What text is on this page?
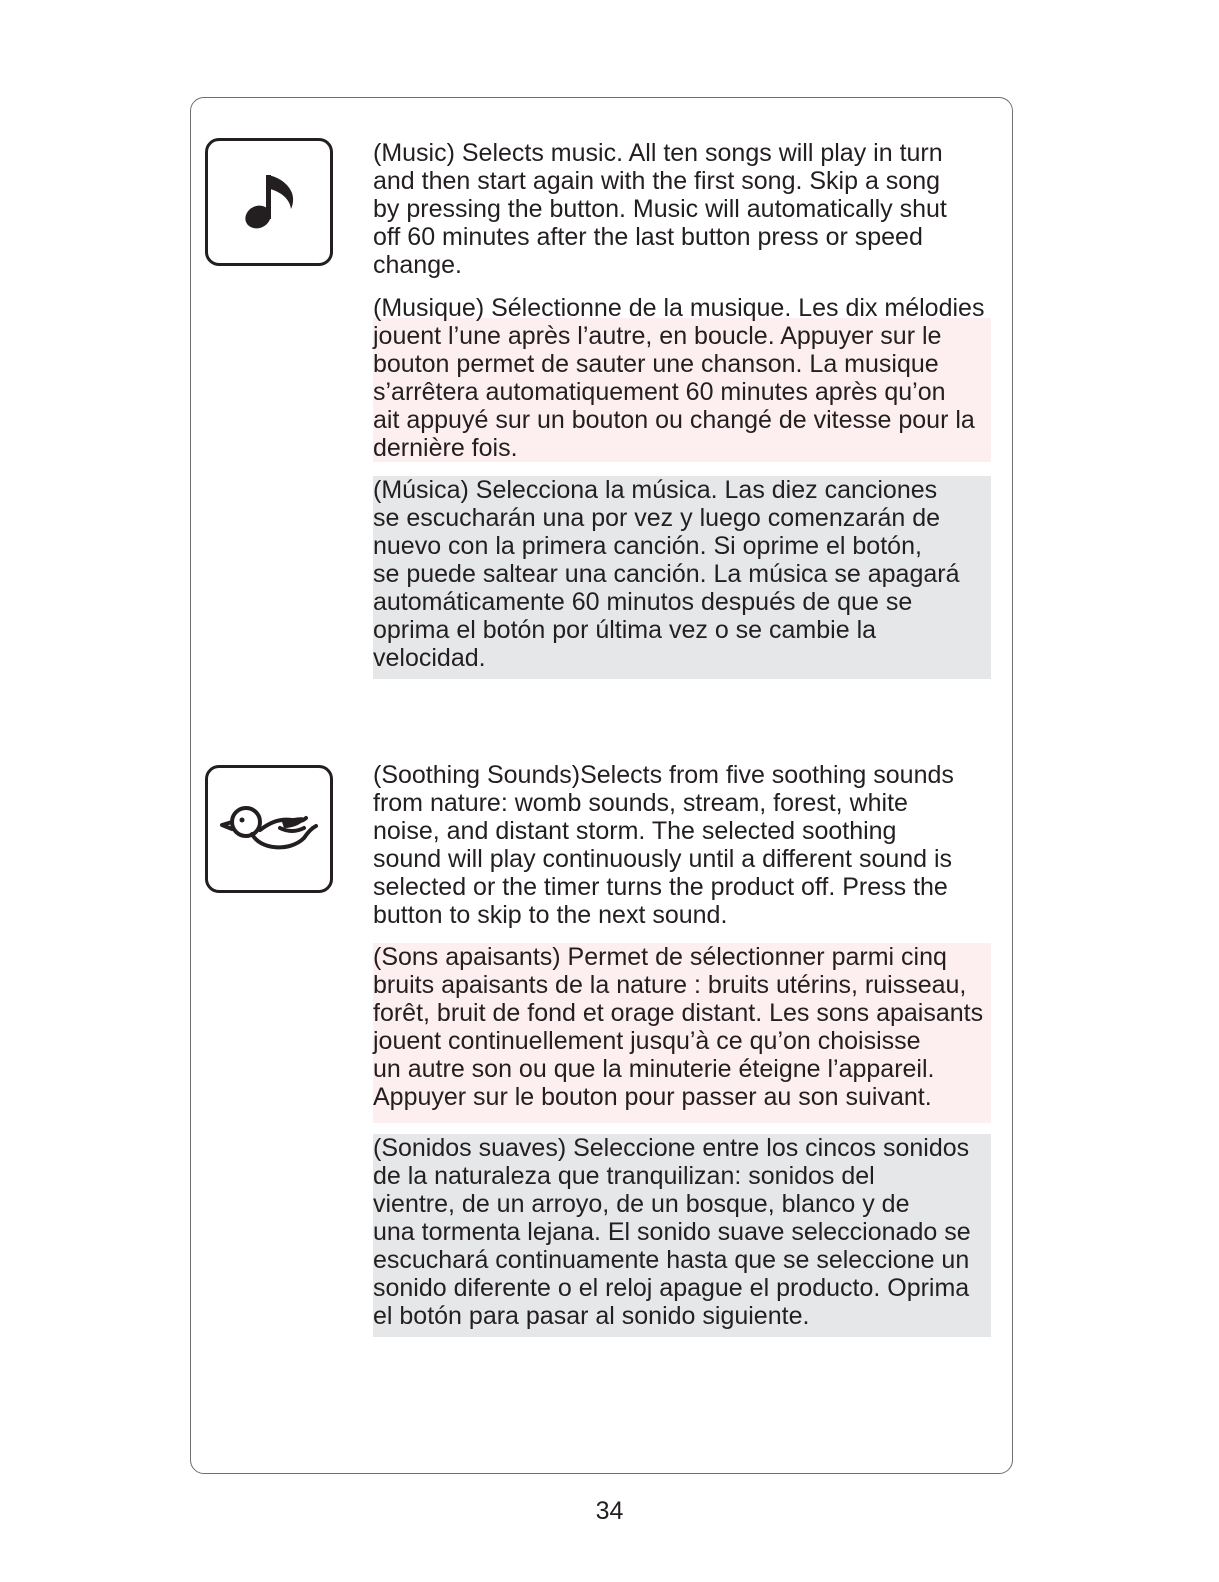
(Music) Selects music. All ten songs will play in turn
and then start again with the first song. Skip a song
by pressing the button. Music will automatically shut
off 60 minutes after the last button press or speed
change.

(Musique) Sélectionne de la musique. Les dix mélodies
jouent l’une après l’autre, en boucle. Appuyer sur le
bouton permet de sauter une chanson. La musique
s’arrêtera automatiquement 60 minutes après qu’on
ait appuyé sur un bouton ou changé de vitesse pour la
dernière fois.

(Música) Selecciona la música. Las diez canciones
se escucharán una por vez y luego comenzarán de
nuevo con la primera canción. Si oprime el botón,
se puede saltear una canción. La música se apagará
automáticamente 60 minutos después de que se
oprima el botón por última vez o se cambie la
velocidad.

(Soothing Sounds)Selects from five soothing sounds
from nature: womb sounds, stream, forest, white
noise, and distant storm. The selected soothing
sound will play continuously until a different sound is
selected or the timer turns the product off. Press the
button to skip to the next sound.

(Sons apaisants) Permet de sélectionner parmi cinq
bruits apaisants de la nature : bruits utérins, ruisseau,
forêt, bruit de fond et orage distant. Les sons apaisants
jouent continuellement jusqu’à ce qu’on choisisse
un autre son ou que la minuterie éteigne l’appareil.
Appuyer sur le bouton pour passer au son suivant.

(Sonidos suaves) Seleccione entre los cincos sonidos
de la naturaleza que tranquilizan: sonidos del
vientre, de un arroyo, de un bosque, blanco y de
una tormenta lejana. El sonido suave seleccionado se
escuchará continuamente hasta que se seleccione un
sonido diferente o el reloj apague el producto. Oprima
el botón para pasar al sonido siguiente.

34
